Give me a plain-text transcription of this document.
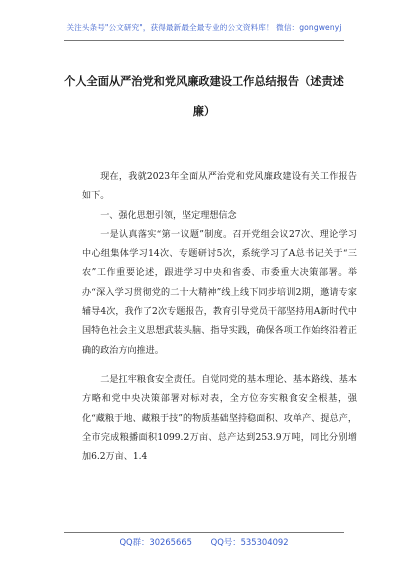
关注头条号"公文研究"，获得最新最全最专业的公文资料库！ 微信：gongwenyj
个人全面从严治党和党风廉政建设工作总结报告（述责述
廉）

现在，我就2023年全面从严治党和党风廉政建设有关工作报告如下。

一、强化思想引领，坚定理想信念

一是认真落实“第一议题”制度。召开党组会议27次、理论学习中心组集体学习14次、专题研讨5次，系统学习了A总书记关于“三农”工作重要论述，跟进学习中央和省委、市委重大决策部署。举办“深入学习贯彻党的二十大精神”线上线下同步培训2期，邀请专家辅导4次，我作了2次专题报告，教育引导党员干部坚持用A新时代中国特色社会主义思想武装头脑、指导实践，确保各项工作始终沿着正确的政治方向推进。

二是扛牢粮食安全责任。自觉同党的基本理论、基本路线、基本方略和党中央决策部署对标对表，全方位夯实粮食安全根基，强化“藏粮于地、藏粮于技”的物质基础坚持稳面积、攻单产、提总产，全市完成粮播面积1099.2万亩、总产达到253.9万吨，同比分别增加6.2万亩、1.4

QQ群：30265665 QQ号：535304092
